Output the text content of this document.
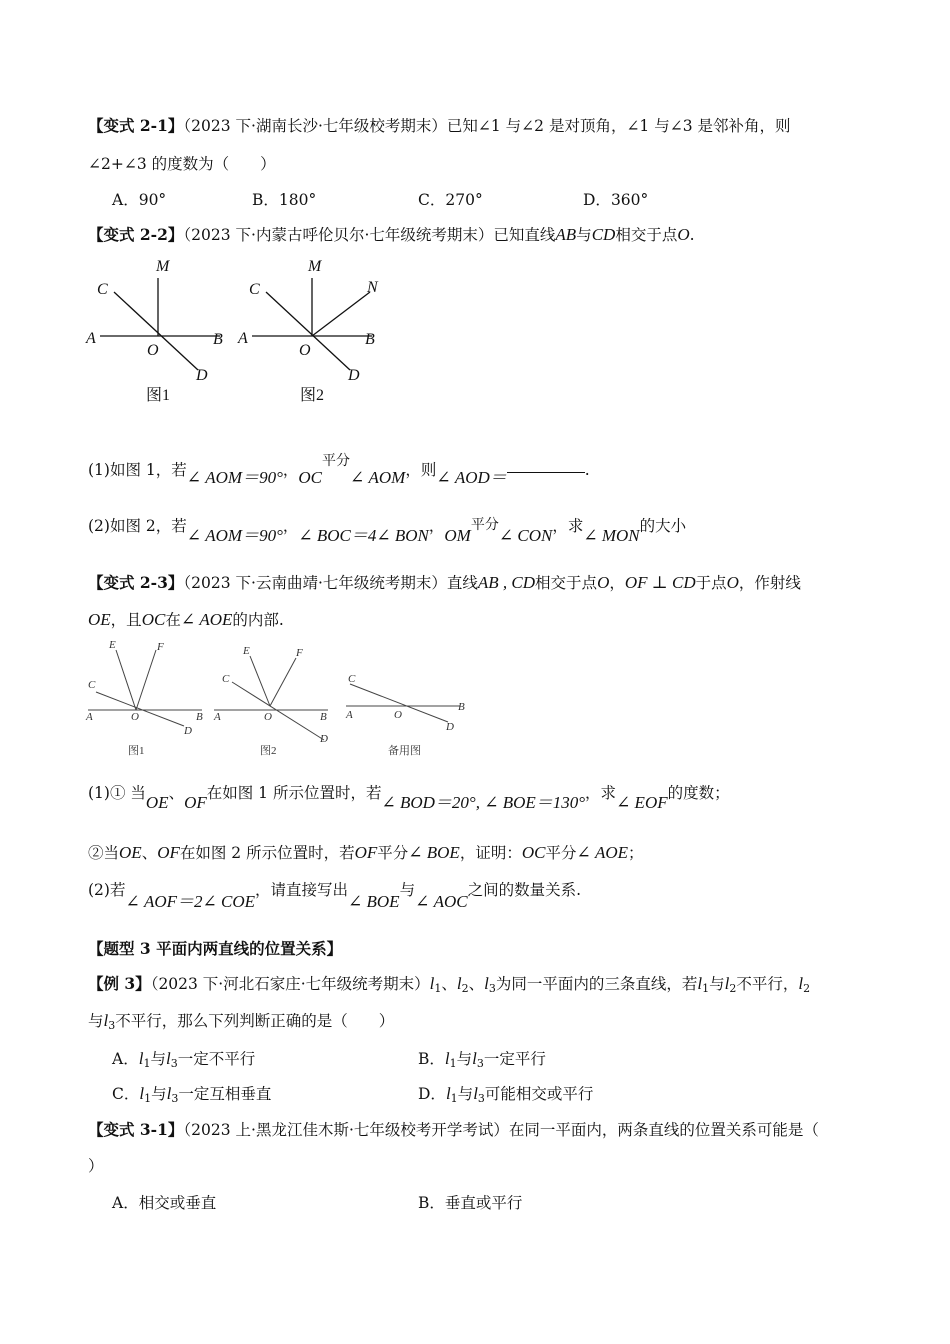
【变式 2-1】（2023 下·湖南长沙·七年级校考期末）已知∠1 与∠2 是对顶角，∠1 与∠3 是邻补角，则
∠2+∠3 的度数为（　　）
A．90°	B．180°	C．270°	D．360°
【变式 2-2】（2023 下·内蒙古呼伦贝尔·七年级统考期末）已知直线AB与CD相交于点O.
M
C
A	B
O
D
M
N
C
A	B
O
D
图1	图2
(1)如图 1，若∠ AOM＝90°，OC平分∠ AOM，则∠ AOD＝	.
(2)如图 2，若∠ AOM＝90°，∠ BOC＝4∠ BON，OM平分∠ CON，求∠ MON的大小
【变式 2-3】（2023 下·云南曲靖·七年级统考期末）直线AB , CD相交于点O，OF ⊥ CD于点O，作射线
OE，且OC在∠ AOE的内部.
E	F
C
A	O	B
D
E	F
C
A	O	B
D
C
A	O
B
D
图1	图2	备用图
(1)① 当OE、OF在如图 1 所示位置时，若∠ BOD＝20°, ∠ BOE＝130°，求∠ EOF的度数；
②当OE、OF在如图 2 所示位置时，若OF平分∠ BOE，证明：OC平分∠ AOE；
(2)若∠ AOF＝2∠ COE，请直接写出∠ BOE与∠ AOC之间的数量关系.
【题型 3 平面内两直线的位置关系】
【例 3】（2023 下·河北石家庄·七年级统考期末）$l_1$、$l_2$、$l_3$为同一平面内的三条直线，若$l_1$与$l_2$不平行，$l_2$
与$l_3$不平行，那么下列判断正确的是（　　）
A．$l_1$与$l_3$一定不平行	B．$l_1$与$l_3$一定平行
C．$l_1$与$l_3$一定互相垂直	D．$l_1$与$l_3$可能相交或平行
【变式 3-1】（2023 上·黑龙江佳木斯·七年级校考开学考试）在同一平面内，两条直线的位置关系可能是（
）
A．相交或垂直	B．垂直或平行
